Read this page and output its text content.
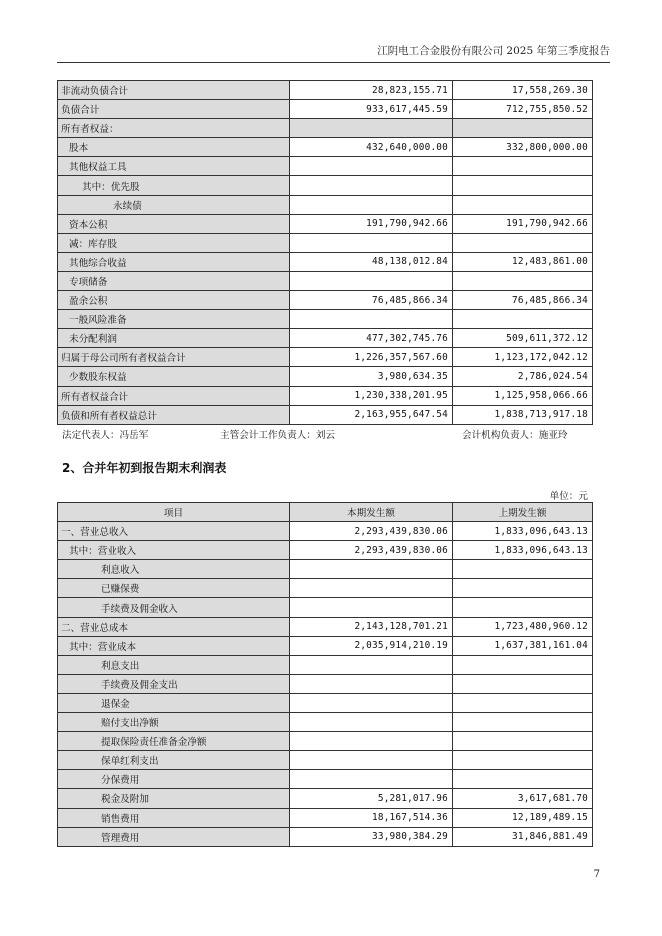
江阴电工合金股份有限公司 2025 年第三季度报告
非流动负债合计	28,823,155.71	17,558,269.30
负债合计	933,617,445.59	712,755,850.52
所有者权益：		
股本	432,640,000.00	332,800,000.00
其他权益工具		
其中：优先股		
永续债		
资本公积	191,790,942.66	191,790,942.66
减：库存股		
其他综合收益	48,138,012.84	12,483,861.00
专项储备		
盈余公积	76,485,866.34	76,485,866.34
一般风险准备		
未分配利润	477,302,745.76	509,611,372.12
归属于母公司所有者权益合计	1,226,357,567.60	1,123,172,042.12
少数股东权益	3,980,634.35	2,786,024.54
所有者权益合计	1,230,338,201.95	1,125,958,066.66
负债和所有者权益总计	2,163,955,647.54	1,838,713,917.18
法定代表人：冯岳军	主管会计工作负责人：刘云	会计机构负责人：施亚玲
2、合并年初到报告期末利润表
单位：元
项目	本期发生额	上期发生额
一、营业总收入	2,293,439,830.06	1,833,096,643.13
其中：营业收入	2,293,439,830.06	1,833,096,643.13
利息收入		
已赚保费		
手续费及佣金收入		
二、营业总成本	2,143,128,701.21	1,723,480,960.12
其中：营业成本	2,035,914,210.19	1,637,381,161.04
利息支出		
手续费及佣金支出		
退保金		
赔付支出净额		
提取保险责任准备金净额		
保单红利支出		
分保费用		
税金及附加	5,281,017.96	3,617,681.70
销售费用	18,167,514.36	12,189,489.15
管理费用	33,980,384.29	31,846,881.49
7
